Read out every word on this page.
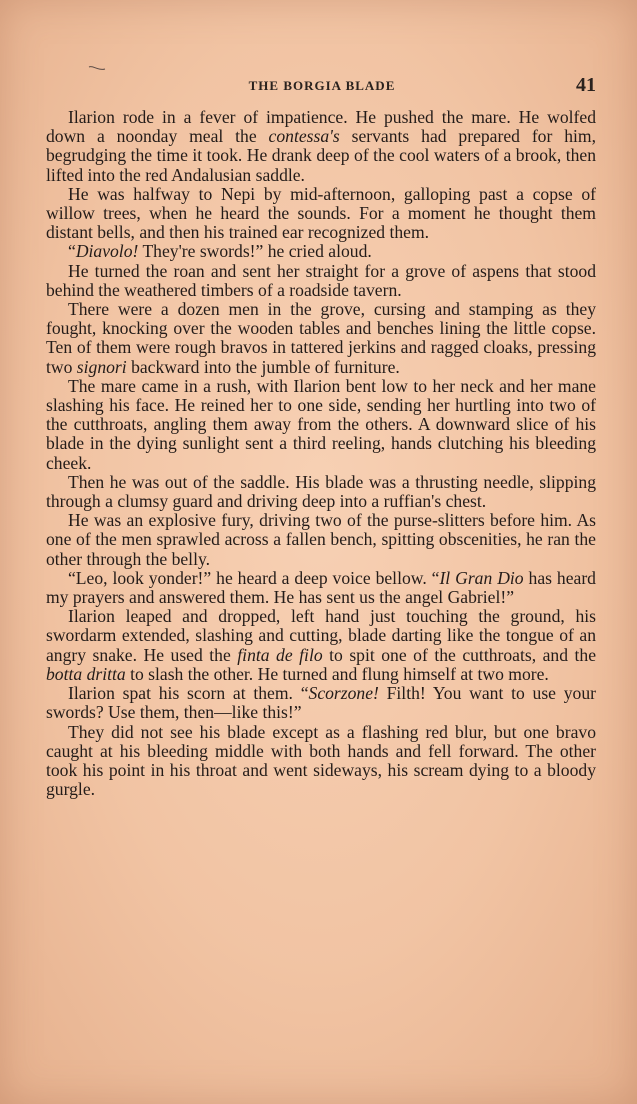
THE BORGIA BLADE	41

Ilarion rode in a fever of impatience. He pushed the mare. He wolfed down a noonday meal the contessa's servants had prepared for him, begrudging the time it took. He drank deep of the cool waters of a brook, then lifted into the red Andalusian saddle.

He was halfway to Nepi by mid-afternoon, galloping past a copse of willow trees, when he heard the sounds. For a moment he thought them distant bells, and then his trained ear recognized them.

“Diavolo! They're swords!” he cried aloud.

He turned the roan and sent her straight for a grove of aspens that stood behind the weathered timbers of a roadside tavern.

There were a dozen men in the grove, cursing and stamping as they fought, knocking over the wooden tables and benches lining the little copse. Ten of them were rough bravos in tattered jerkins and ragged cloaks, pressing two signori backward into the jumble of furniture.

The mare came in a rush, with Ilarion bent low to her neck and her mane slashing his face. He reined her to one side, sending her hurtling into two of the cutthroats, angling them away from the others. A downward slice of his blade in the dying sunlight sent a third reeling, hands clutching his bleeding cheek.

Then he was out of the saddle. His blade was a thrusting needle, slipping through a clumsy guard and driving deep into a ruffian's chest.

He was an explosive fury, driving two of the purse-slitters before him. As one of the men sprawled across a fallen bench, spitting obscenities, he ran the other through the belly.

“Leo, look yonder!” he heard a deep voice bellow. “Il Gran Dio has heard my prayers and answered them. He has sent us the angel Gabriel!”

Ilarion leaped and dropped, left hand just touching the ground, his swordarm extended, slashing and cutting, blade darting like the tongue of an angry snake. He used the finta de filo to spit one of the cutthroats, and the botta dritta to slash the other. He turned and flung himself at two more.

Ilarion spat his scorn at them. “Scorzone! Filth! You want to use your swords? Use them, then—like this!”

They did not see his blade except as a flashing red blur, but one bravo caught at his bleeding middle with both hands and fell forward. The other took his point in his throat and went sideways, his scream dying to a bloody gurgle.
